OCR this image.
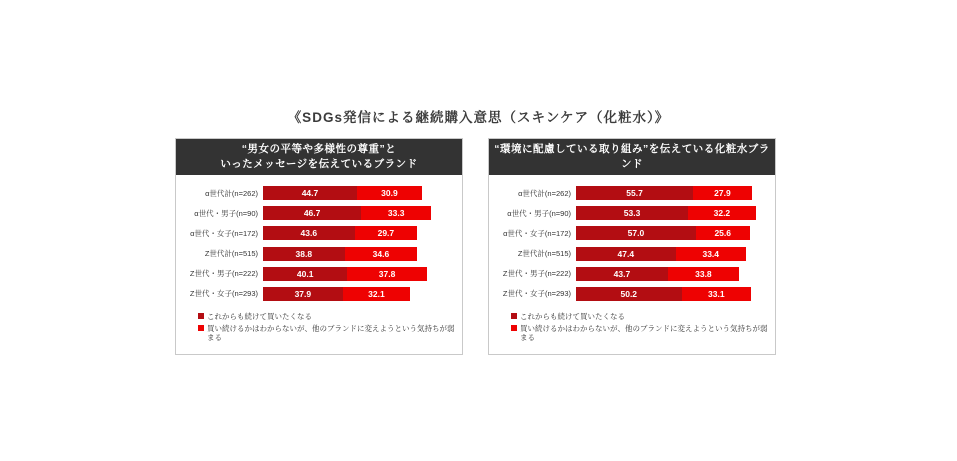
《SDGs発信による継続購入意思（スキンケア（化粧水）》
“男女の平等や多様性の尊重”と
いったメッセージを伝えているブランド
α世代計(n=262)	44.7	30.9
α世代・男子(n=90)	46.7	33.3
α世代・女子(n=172)	43.6	29.7
Z世代計(n=515)	38.8	34.6
Z世代・男子(n=222)	40.1	37.8
Z世代・女子(n=293)	37.9	32.1
これからも続けて買いたくなる
買い続けるかはわからないが、他のブランドに変えようという気持ちが弱まる
“環境に配慮している取り組み”を伝えている化粧水ブランド
α世代計(n=262)	55.7	27.9
α世代・男子(n=90)	53.3	32.2
α世代・女子(n=172)	57.0	25.6
Z世代計(n=515)	47.4	33.4
Z世代・男子(n=222)	43.7	33.8
Z世代・女子(n=293)	50.2	33.1
これからも続けて買いたくなる
買い続けるかはわからないが、他のブランドに変えようという気持ちが弱まる
